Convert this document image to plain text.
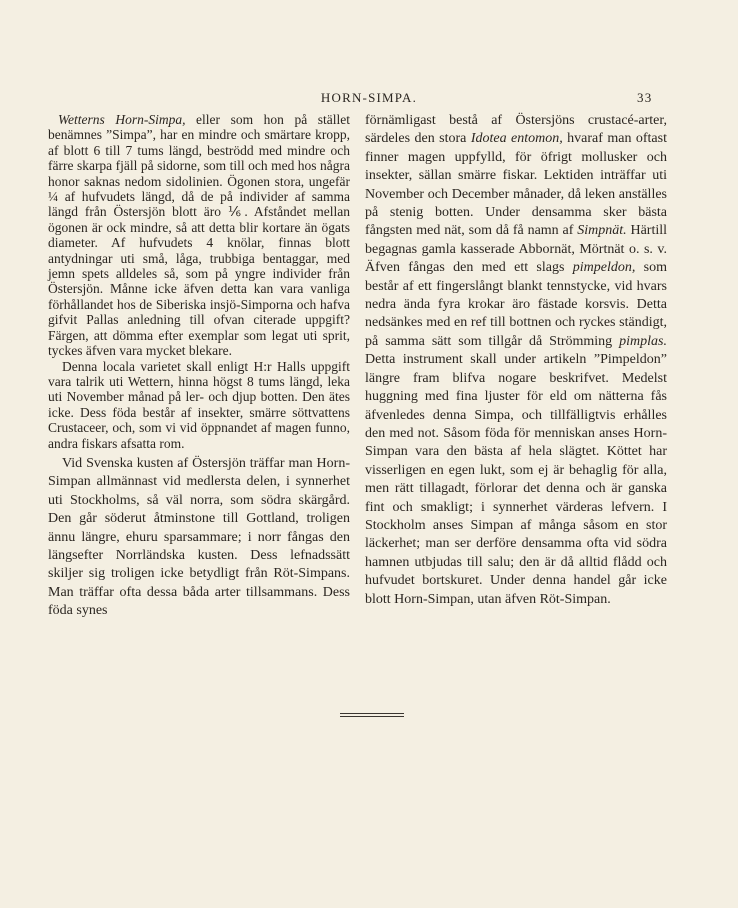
HORN-SIMPA.	33

Wetterns Horn-Simpa, eller som hon på stället benämnes ”Simpa”, har en mindre och smärtare kropp, af blott 6 till 7 tums längd, beströdd med mindre och färre skarpa fjäll på sidorne, som till och med hos några honor saknas nedom sidolinien. Ögonen stora, ungefär ¼ af hufvudets längd, då de på individer af samma längd från Östersjön blott äro ⅙. Afståndet mellan ögonen är ock mindre, så att detta blir kortare än ögats diameter. Af hufvudets 4 knölar, finnas blott antydningar uti små, låga, trubbiga bentaggar, med jemn spets alldeles så, som på yngre individer från Östersjön. Månne icke äfven detta kan vara vanliga förhållandet hos de Siberiska insjö-Simporna och hafva gifvit Pallas anledning till ofvan citerade uppgift? Färgen, att dömma efter exemplar som legat uti sprit, tyckes äfven vara mycket blekare.

Denna locala varietet skall enligt H:r Halls uppgift vara talrik uti Wettern, hinna högst 8 tums längd, leka uti November månad på ler- och djup botten. Den ätes icke. Dess föda består af insekter, smärre söttvattens Crustaceer, och, som vi vid öppnandet af magen funno, andra fiskars afsatta rom.

Vid Svenska kusten af Östersjön träffar man Horn-Simpan allmännast vid medlersta delen, i synnerhet uti Stockholms, så väl norra, som södra skärgård. Den går söderut åtminstone till Gottland, troligen ännu längre, ehuru sparsammare; i norr fångas den längsefter Norrländska kusten. Dess lefnadssätt skiljer sig troligen icke betydligt från Röt-Simpans. Man träffar ofta dessa båda arter tillsammans. Dess föda synes

förnämligast bestå af Östersjöns crustacé-arter, särdeles den stora Idotea entomon, hvaraf man oftast finner magen uppfylld, för öfrigt mollusker och insekter, sällan smärre fiskar. Lektiden inträffar uti November och December månader, då leken anställes på stenig botten. Under densamma sker bästa fångsten med nät, som då få namn af Simpnät. Härtill begagnas gamla kasserade Abbornät, Mörtnät o. s. v. Äfven fångas den med ett slags pimpeldon, som består af ett fingerslångt blankt tennstycke, vid hvars nedra ända fyra krokar äro fästade korsvis. Detta nedsänkes med en ref till bottnen och ryckes ständigt, på samma sätt som tillgår då Strömming pimplas. Detta instrument skall under artikeln ”Pimpeldon” längre fram blifva nogare beskrifvet. Medelst huggning med fina ljuster för eld om nätterna fås äfvenledes denna Simpa, och tillfälligtvis erhålles den med not. Såsom föda för menniskan anses Horn-Simpan vara den bästa af hela slägtet. Köttet har visserligen en egen lukt, som ej är behaglig för alla, men rätt tillagadt, förlorar det denna och är ganska fint och smakligt; i synnerhet värderas lefvern. I Stockholm anses Simpan af många såsom en stor läckerhet; man ser derföre densamma ofta vid södra hamnen utbjudas till salu; den är då alltid flådd och hufvudet bortskuret. Under denna handel går icke blott Horn-Simpan, utan äfven Röt-Simpan.
